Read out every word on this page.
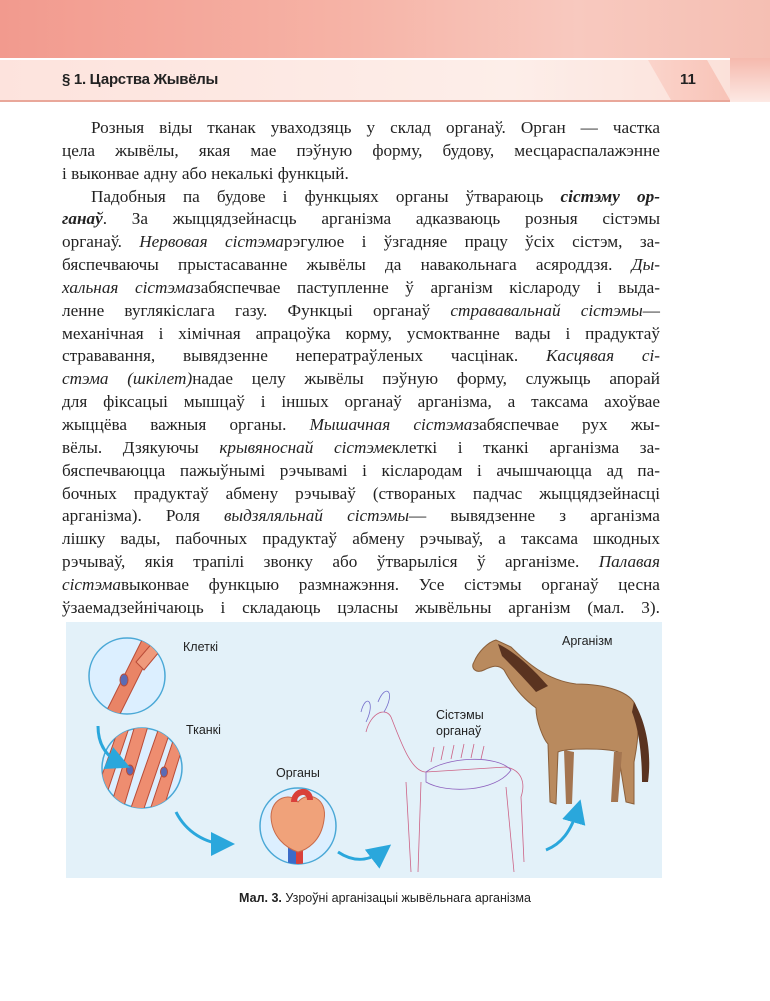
§ 1. Царства Жывёлы	11
Розныя віды тканак уваходзяць у склад органаў. Орган — частка
цела жывёлы, якая мае пэўную форму, будову, месцараспалажэнне
і выконвае адну або некалькі функцый.
Падобныя па будове і функцыях органы ўтвараюць сістэму ор-
ганаў. За жыццядзейнасць арганізма адказваюць розныя сістэмы
органаў. Нервовая сістэмарэгулюе і ўзгадняе працу ўсіх сістэм, за-
бяспечваючы прыстасаванне жывёлы да навакольнага асяроддзя. Ды-
хальная сістэмазабяспечвае паступленне ў арганізм кіслароду і выда-
ленне вуглякіслага газу. Функцыі органаў стрававальнай сістэмы—
механічная і хімічная апрацоўка корму, усмоктванне вады і прадуктаў
стрававання, вывядзенне неператраўленых часцінак. Касцявая сі-
стэма (шкілет)надае целу жывёлы пэўную форму, служыць апорай
для фіксацыі мышцаў і іншых органаў арганізма, а таксама ахоўвае
жыццёва важныя органы. Мышачная сістэмазабяспечвае рух жы-
вёлы. Дзякуючы крывяноснай сістэмеклеткі і тканкі арганізма за-
бяспечваюцца пажыўнымі рэчывамі і кіслародам і ачышчаюцца ад па-
бочных прадуктаў абмену рэчываў (створаных падчас жыццядзейнасці
арганізма). Роля выдзяляльнай сістэмы— вывядзенне з арганізма
лішку вады, пабочных прадуктаў абмену рэчываў, а таксама шкодных
рэчываў, якія трапілі звонку або ўтварыліся ў арганізме. Палавая
сістэмавыконвае функцыю размнажэння. Усе сістэмы органаў цесна
ўзаемадзейнічаюць і складаюць цэласны жывёльны арганізм (мал. 3).
Клеткі
Тканкі
Органы
Сістэмы
органаў
Арганізм
Мал. 3. Узроўні арганізацыі жывёльнага арганізма
